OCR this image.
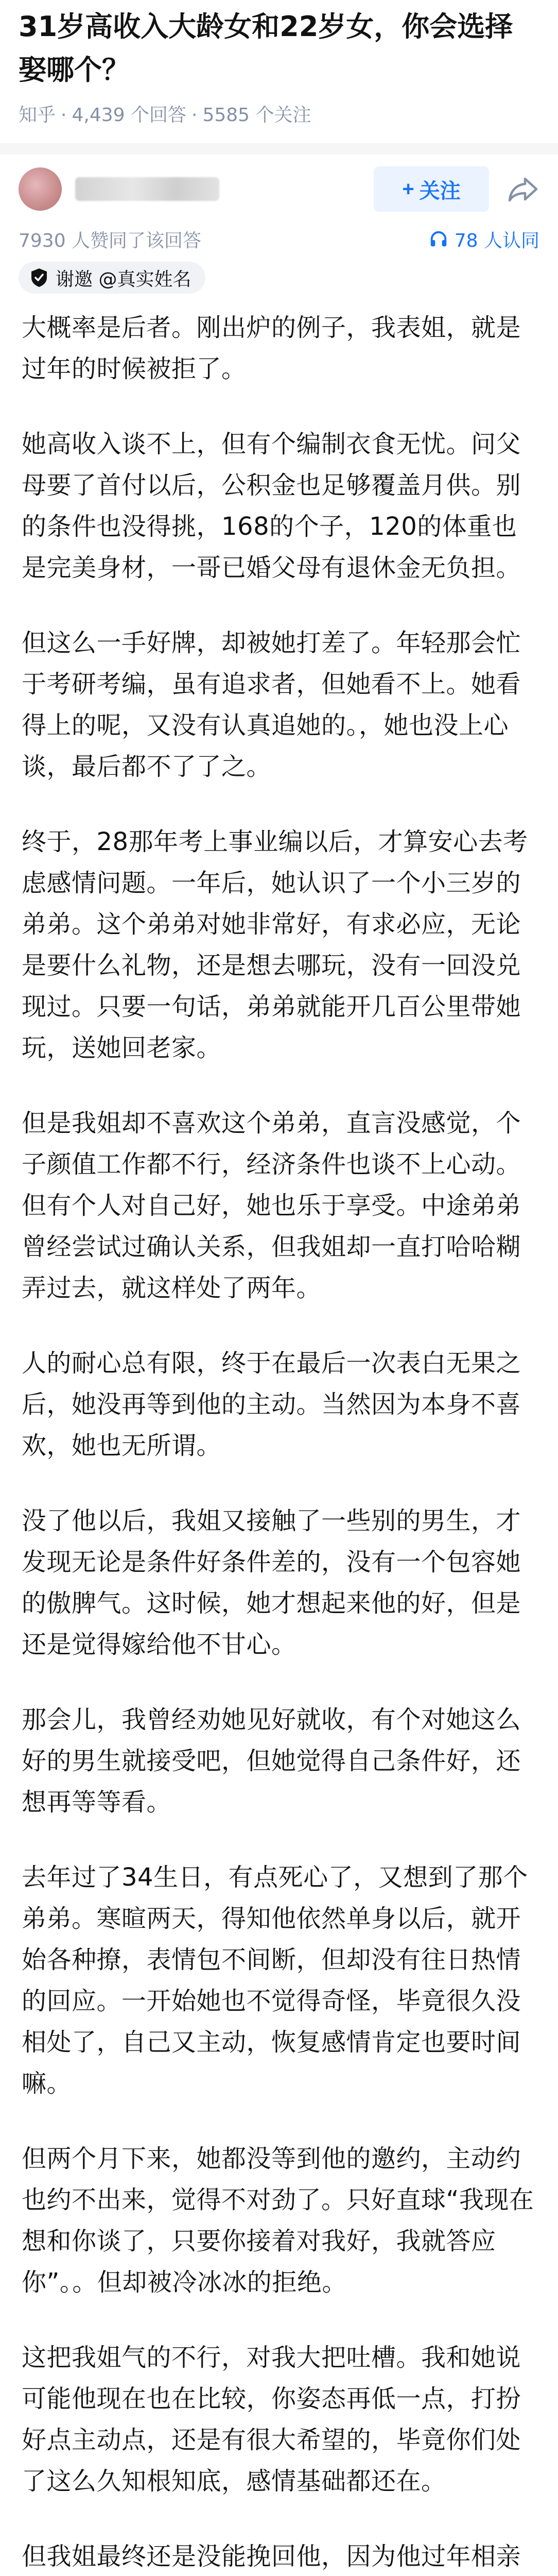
31岁高收入大龄女和22岁女，你会选择娶哪个？
知乎 · 4,439 个回答 · 5585 个关注
+ 关注
7930 人赞同了该回答	78 人认同
谢邀 @真实姓名

大概率是后者。刚出炉的例子，我表姐，就是过年的时候被拒了。

她高收入谈不上，但有个编制衣食无忧。问父母要了首付以后，公积金也足够覆盖月供。别的条件也没得挑，168的个子，120的体重也是完美身材，一哥已婚父母有退休金无负担。

但这么一手好牌，却被她打差了。年轻那会忙于考研考编，虽有追求者，但她看不上。她看得上的呢，又没有认真追她的。，她也没上心谈，最后都不了了之。

终于，28那年考上事业编以后，才算安心去考虑感情问题。一年后，她认识了一个小三岁的弟弟。这个弟弟对她非常好，有求必应，无论是要什么礼物，还是想去哪玩，没有一回没兑现过。只要一句话，弟弟就能开几百公里带她玩，送她回老家。

但是我姐却不喜欢这个弟弟，直言没感觉，个子颜值工作都不行，经济条件也谈不上心动。但有个人对自己好，她也乐于享受。中途弟弟曾经尝试过确认关系，但我姐却一直打哈哈糊弄过去，就这样处了两年。

人的耐心总有限，终于在最后一次表白无果之后，她没再等到他的主动。当然因为本身不喜欢，她也无所谓。

没了他以后，我姐又接触了一些别的男生，才发现无论是条件好条件差的，没有一个包容她的傲脾气。这时候，她才想起来他的好，但是还是觉得嫁给他不甘心。

那会儿，我曾经劝她见好就收，有个对她这么好的男生就接受吧，但她觉得自己条件好，还想再等等看。

去年过了34生日，有点死心了，又想到了那个弟弟。寒暄两天，得知他依然单身以后，就开始各种撩，表情包不间断，但却没有往日热情的回应。一开始她也不觉得奇怪，毕竟很久没相处了，自己又主动，恢复感情肯定也要时间嘛。

但两个月下来，她都没等到他的邀约，主动约也约不出来，觉得不对劲了。只好直球“我现在想和你谈了，只要你接着对我好，我就答应你”。。但却被冷冰冰的拒绝。

这把我姐气的不行，对我大把吐槽。我和她说可能他现在也在比较，你姿态再低一点，打扮好点主动点，还是有很大希望的，毕竟你们处了这么久知根知底，感情基础都还在。

但我姐最终还是没能挽回他，因为他过年相亲
